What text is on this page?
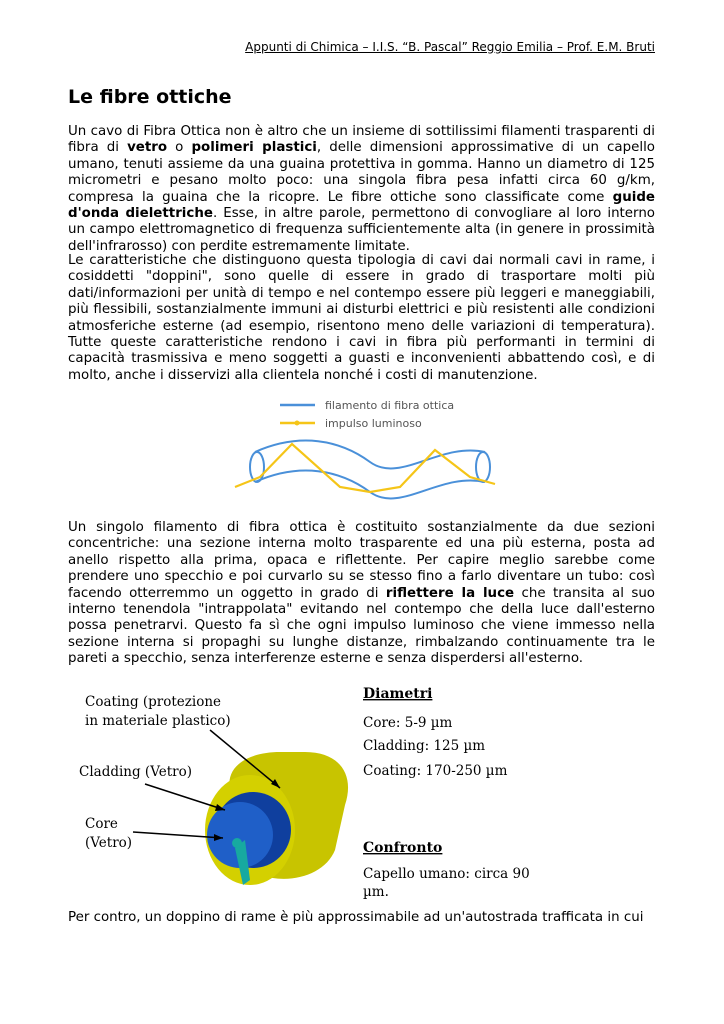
Appunti di Chimica – I.I.S. “B. Pascal” Reggio Emilia – Prof. E.M. Bruti
Le fibre ottiche
Un cavo di Fibra Ottica non è altro che un insieme di sottilissimi filamenti trasparenti di fibra di vetro o polimeri plastici, delle dimensioni approssimative di un capello umano, tenuti assieme da una guaina protettiva in gomma. Hanno un diametro di 125 micrometri e pesano molto poco: una singola fibra pesa infatti circa 60 g/km, compresa la guaina che la ricopre. Le fibre ottiche sono classificate come guide d'onda dielettriche. Esse, in altre parole, permettono di convogliare al loro interno un campo elettromagnetico di frequenza sufficientemente alta (in genere in prossimità dell'infrarosso) con perdite estremamente limitate.
Le caratteristiche che distinguono questa tipologia di cavi dai normali cavi in rame, i cosiddetti "doppini", sono quelle di essere in grado di trasportare molti più dati/informazioni per unità di tempo e nel contempo essere più leggeri e maneggiabili, più flessibili, sostanzialmente immuni ai disturbi elettrici e più resistenti alle condizioni atmosferiche esterne (ad esempio, risentono meno delle variazioni di temperatura). Tutte queste caratteristiche rendono i cavi in fibra più performanti in termini di capacità trasmissiva e meno soggetti a guasti e inconvenienti abbattendo così, e di molto, anche i disservizi alla clientela nonché i costi di manutenzione.
filamento di fibra ottica
impulso luminoso
Un singolo filamento di fibra ottica è costituito sostanzialmente da due sezioni concentriche: una sezione interna molto trasparente ed una più esterna, posta ad anello rispetto alla prima, opaca e riflettente. Per capire meglio sarebbe come prendere uno specchio e poi curvarlo su se stesso fino a farlo diventare un tubo: così facendo otterremmo un oggetto in grado di riflettere la luce che transita al suo interno tenendola "intrappolata" evitando nel contempo che della luce dall'esterno possa penetrarvi. Questo fa sì che ogni impulso luminoso che viene immesso nella sezione interna si propaghi su lunghe distanze, rimbalzando continuamente tra le pareti a specchio, senza interferenze esterne e senza disperdersi all'esterno.
Coating (protezione
in materiale plastico)
Cladding (Vetro)
Core
(Vetro)
Diametri
Core: 5-9 µm
Cladding: 125 µm
Coating: 170-250 µm
Confronto
Capello umano: circa 90
µm.
Per contro, un doppino di rame è più approssimabile ad un'autostrada trafficata in cui
